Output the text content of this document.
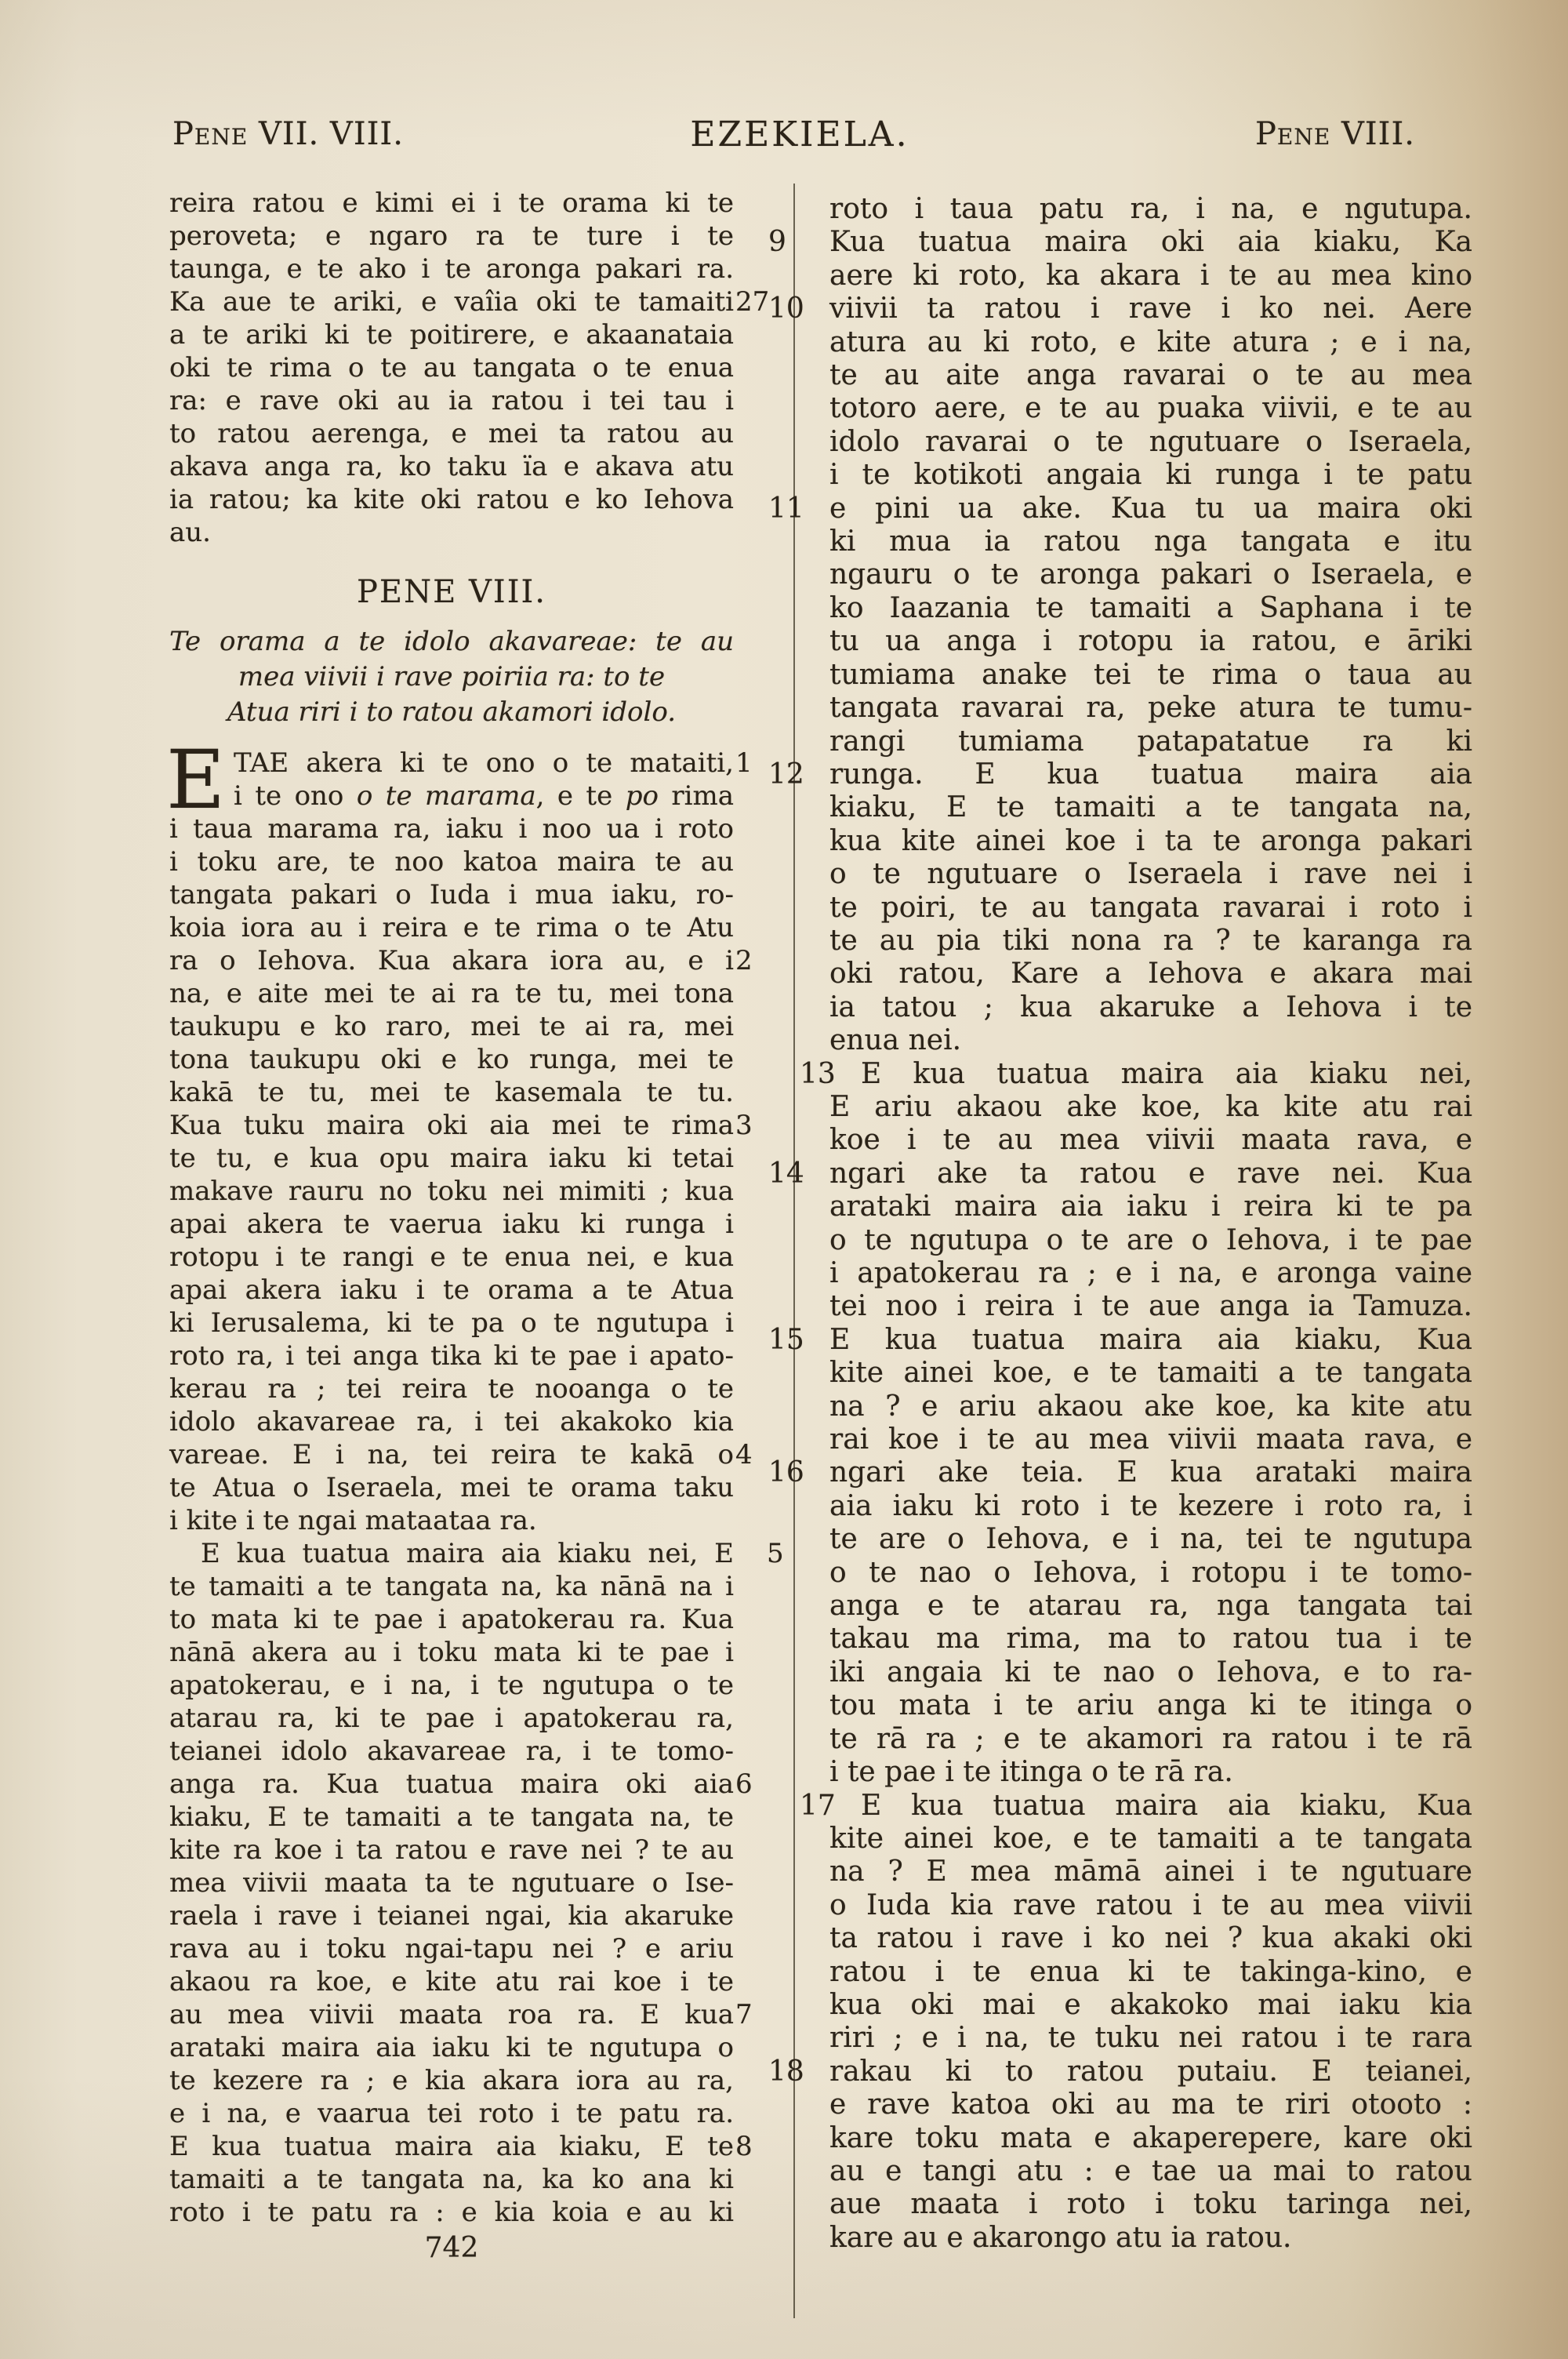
Pene VII. VIII.	EZEKIELA.	Pene VIII.
reira ratou e kimi ei i te orama ki te
peroveta; e ngaro ra te ture i te
taunga, e te ako i te aronga pakari ra.
Ka aue te ariki, e vaîia oki te tamaiti 27
a te ariki ki te poitirere, e akaanataia
oki te rima o te au tangata o te enua
ra: e rave oki au ia ratou i tei tau i
to ratou aerenga, e mei ta ratou au
akava anga ra, ko taku ïa e akava atu
ia ratou; ka kite oki ratou e ko Iehova
au.
PENE VIII.
Te orama a te idolo akavareae: te au
mea viivii i rave poiriia ra: to te
Atua riri i to ratou akamori idolo.
E TAE akera ki te ono o te mataiti, 1
i te ono o te marama, e te po rima
i taua marama ra, iaku i noo ua i roto
i toku are, te noo katoa maira te au
tangata pakari o Iuda i mua iaku, ro-
koia iora au i reira e te rima o te Atu
ra o Iehova. Kua akara iora au, e i 2
na, e aite mei te ai ra te tu, mei tona
taukupu e ko raro, mei te ai ra, mei
tona taukupu oki e ko runga, mei te
kakā te tu, mei te kasemala te tu.
Kua tuku maira oki aia mei te rima 3
te tu, e kua opu maira iaku ki tetai
makave rauru no toku nei mimiti ; kua
apai akera te vaerua iaku ki runga i
rotopu i te rangi e te enua nei, e kua
apai akera iaku i te orama a te Atua
ki Ierusalema, ki te pa o te ngutupa i
roto ra, i tei anga tika ki te pae i apato-
kerau ra ; tei reira te nooanga o te
idolo akavareae ra, i tei akakoko kia
vareae. E i na, tei reira te kakā o 4
te Atua o Iseraela, mei te orama taku
i kite i te ngai mataataa ra.
E kua tuatua maira aia kiaku nei, E	5
te tamaiti a te tangata na, ka nānā na i
to mata ki te pae i apatokerau ra. Kua
nānā akera au i toku mata ki te pae i
apatokerau, e i na, i te ngutupa o te
atarau ra, ki te pae i apatokerau ra,
teianei idolo akavareae ra, i te tomo-
anga ra. Kua tuatua maira oki aia 6
kiaku, E te tamaiti a te tangata na, te
kite ra koe i ta ratou e rave nei ? te au
mea viivii maata ta te ngutuare o Ise-
raela i rave i teianei ngai, kia akaruke
rava au i toku ngai-tapu nei ? e ariu
akaou ra koe, e kite atu rai koe i te
au mea viivii maata roa ra. E kua 7
arataki maira aia iaku ki te ngutupa o
te kezere ra ; e kia akara iora au ra,
e i na, e vaarua tei roto i te patu ra.
E kua tuatua maira aia kiaku, E te 8
tamaiti a te tangata na, ka ko ana ki
roto i te patu ra : e kia koia e au ki
roto i taua patu ra, i na, e ngutupa.
Kua tuatua maira oki aia kiaku, Ka
9
aere ki roto, ka akara i te au mea kino
viivii ta ratou i rave i ko nei. Aere
10
atura au ki roto, e kite atura ; e i na,
te au aite anga ravarai o te au mea
totoro aere, e te au puaka viivii, e te au
idolo ravarai o te ngutuare o Iseraela,
i te kotikoti angaia ki runga i te patu
e pini ua ake. Kua tu ua maira oki
11
ki mua ia ratou nga tangata e itu
ngauru o te aronga pakari o Iseraela, e
ko Iaazania te tamaiti a Saphana i te
tu ua anga i rotopu ia ratou, e āriki
tumiama anake tei te rima o taua au
tangata ravarai ra, peke atura te tumu-
rangi tumiama patapatatue ra ki
runga. E kua tuatua maira aia
12
kiaku, E te tamaiti a te tangata na,
kua kite ainei koe i ta te aronga pakari
o te ngutuare o Iseraela i rave nei i
te poiri, te au tangata ravarai i roto i
te au pia tiki nona ra ? te karanga ra
oki ratou, Kare a Iehova e akara mai
ia tatou ; kua akaruke a Iehova i te
enua nei.
E kua tuatua maira aia kiaku nei,
13
E ariu akaou ake koe, ka kite atu rai
koe i te au mea viivii maata rava, e
ngari ake ta ratou e rave nei. Kua
14
arataki maira aia iaku i reira ki te pa
o te ngutupa o te are o Iehova, i te pae
i apatokerau ra ; e i na, e aronga vaine
tei noo i reira i te aue anga ia Tamuza.
E kua tuatua maira aia kiaku, Kua
15
kite ainei koe, e te tamaiti a te tangata
na ? e ariu akaou ake koe, ka kite atu
rai koe i te au mea viivii maata rava, e
ngari ake teia. E kua arataki maira
16
aia iaku ki roto i te kezere i roto ra, i
te are o Iehova, e i na, tei te ngutupa
o te nao o Iehova, i rotopu i te tomo-
anga e te atarau ra, nga tangata tai
takau ma rima, ma to ratou tua i te
iki angaia ki te nao o Iehova, e to ra-
tou mata i te ariu anga ki te itinga o
te rā ra ; e te akamori ra ratou i te rā
i te pae i te itinga o te rā ra.
E kua tuatua maira aia kiaku, Kua
17
kite ainei koe, e te tamaiti a te tangata
na ? E mea māmā ainei i te ngutuare
o Iuda kia rave ratou i te au mea viivii
ta ratou i rave i ko nei ? kua akaki oki
ratou i te enua ki te takinga-kino, e
kua oki mai e akakoko mai iaku kia
riri ; e i na, te tuku nei ratou i te rara
rakau ki to ratou putaiu. E teianei,
18
e rave katoa oki au ma te riri otooto :
kare toku mata e akaperepere, kare oki
au e tangi atu : e tae ua mai to ratou
aue maata i roto i toku taringa nei,
kare au e akarongo atu ia ratou.
742
